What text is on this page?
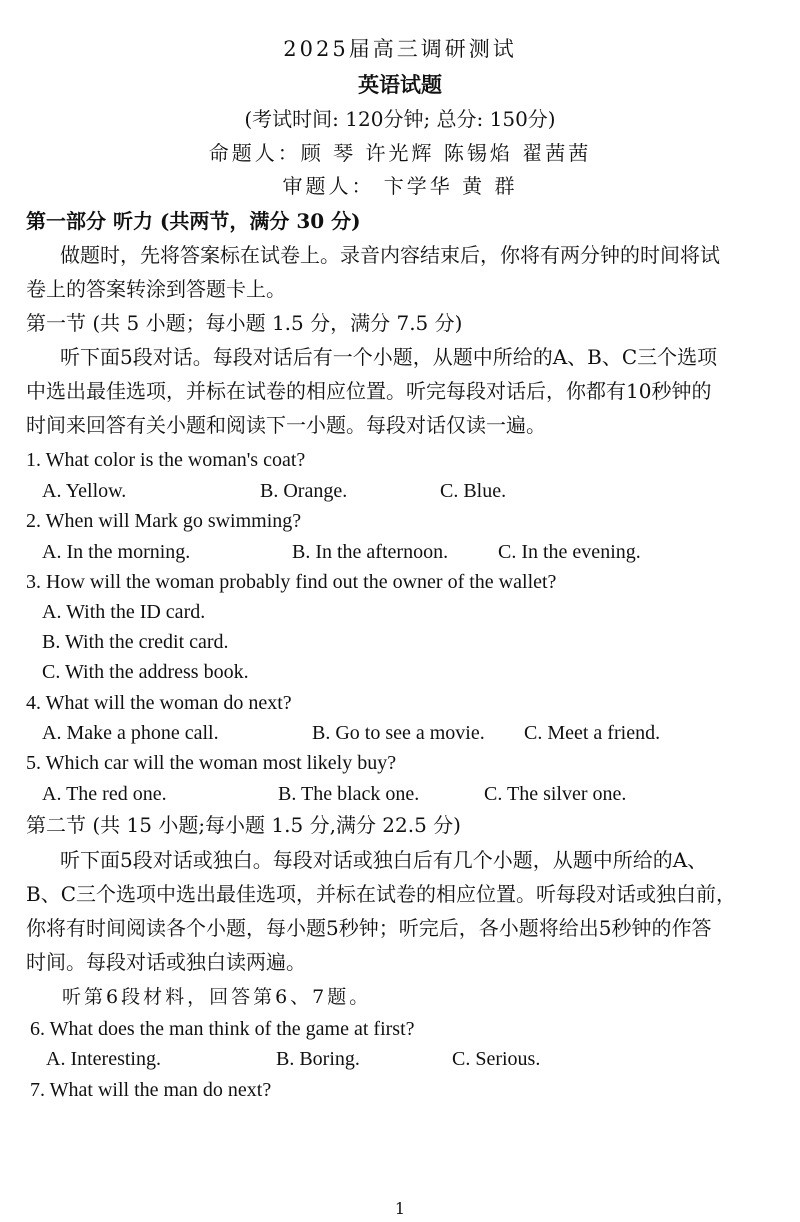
2025届高三调研测试
英语试题
(考试时间: 120分钟; 总分: 150分)
命题人：顾 琴 许光辉 陈锡焰 翟茜茜
审题人： 卞学华 黄 群
第一部分 听力 (共两节，满分 30 分)
做题时，先将答案标在试卷上。录音内容结束后，你将有两分钟的时间将试
卷上的答案转涂到答题卡上。
第一节 (共 5 小题；每小题 1.5 分，满分 7.5 分)
听下面5段对话。每段对话后有一个小题，从题中所给的A、B、C三个选项
中选出最佳选项，并标在试卷的相应位置。听完每段对话后，你都有10秒钟的
时间来回答有关小题和阅读下一小题。每段对话仅读一遍。
1. What color is the woman's coat?
A. Yellow.	B. Orange.	C. Blue.
2. When will Mark go swimming?
A. In the morning.	B. In the afternoon. C. In the evening.
3. How will the woman probably find out the owner of the wallet?
A. With the ID card.
B. With the credit card.
C. With the address book.
4. What will the woman do next?
A. Make a phone call.	B. Go to see a movie. C. Meet a friend.
5. Which car will the woman most likely buy?
A. The red one.	B. The black one.	C. The silver one.
第二节 (共 15 小题;每小题 1.5 分,满分 22.5 分)
听下面5段对话或独白。每段对话或独白后有几个小题，从题中所给的A、
B、C三个选项中选出最佳选项，并标在试卷的相应位置。听每段对话或独白前，
你将有时间阅读各个小题，每小题5秒钟；听完后，各小题将给出5秒钟的作答
时间。每段对话或独白读两遍。
听第6段材料，回答第6、7题。
6. What does the man think of the game at first?
A. Interesting.	B. Boring.	C. Serious.
7. What will the man do next?
1
